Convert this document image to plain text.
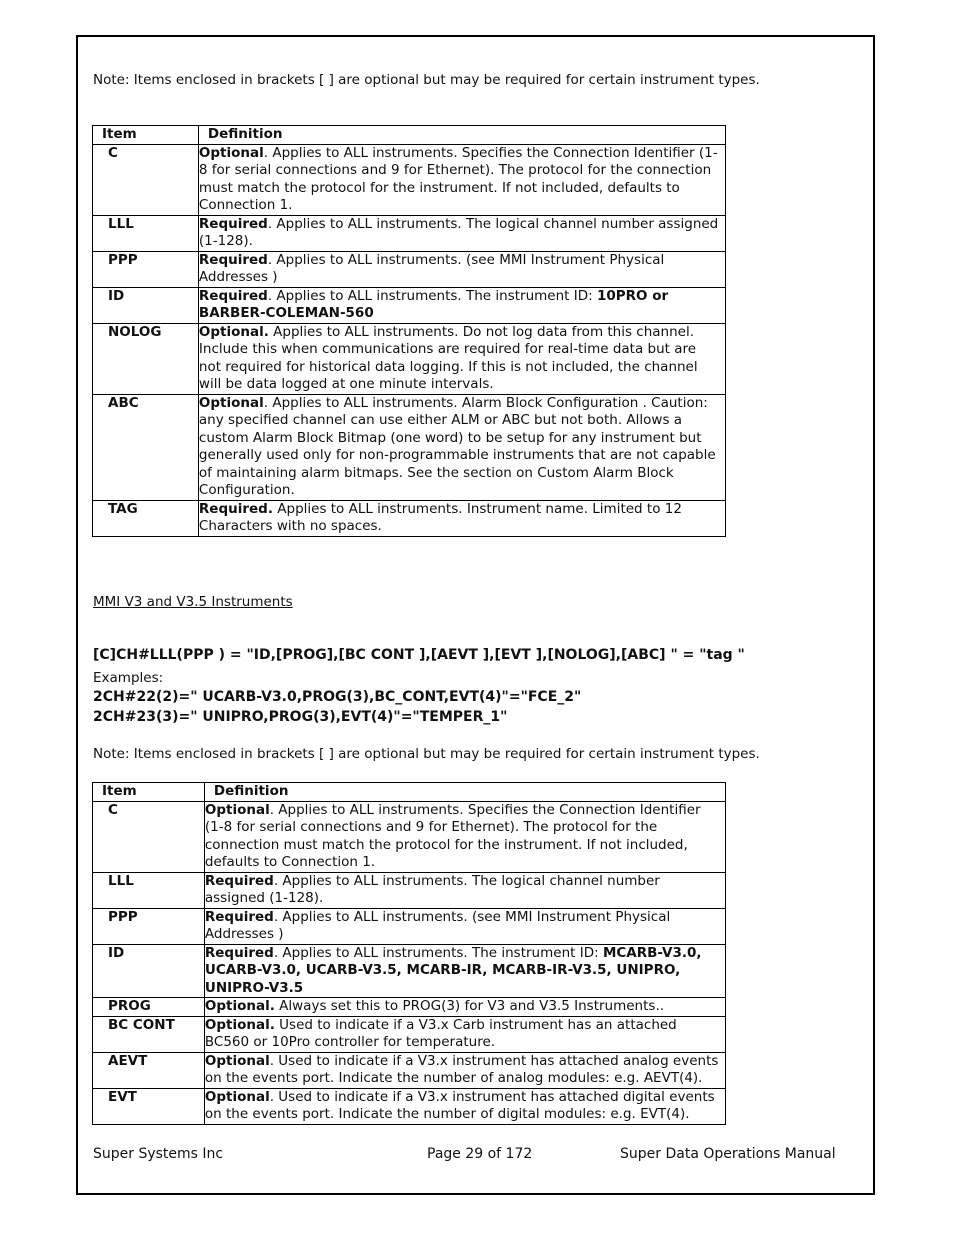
Note: Items enclosed in brackets [ ] are optional but may be required for certain instrument types.
Item	Definition
C	Optional. Applies to ALL instruments. Specifies the Connection Identifier (1-8 for serial connections and 9 for Ethernet). The protocol for the connection must match the protocol for the instrument. If not included, defaults to Connection 1.
LLL	Required. Applies to ALL instruments. The logical channel number assigned (1-128).
PPP	Required. Applies to ALL instruments. (see MMI Instrument Physical Addresses )
ID	Required. Applies to ALL instruments. The instrument ID: 10PRO or BARBER-COLEMAN-560
NOLOG	Optional. Applies to ALL instruments. Do not log data from this channel. Include this when communications are required for real-time data but are not required for historical data logging. If this is not included, the channel will be data logged at one minute intervals.
ABC	Optional. Applies to ALL instruments. Alarm Block Configuration . Caution: any specified channel can use either ALM or ABC but not both. Allows a custom Alarm Block Bitmap (one word) to be setup for any instrument but generally used only for non-programmable instruments that are not capable of maintaining alarm bitmaps. See the section on Custom Alarm Block Configuration.
TAG	Required. Applies to ALL instruments. Instrument name. Limited to 12 Characters with no spaces.
MMI V3 and V3.5 Instruments
[C]CH#LLL(PPP ) = "ID,[PROG],[BC CONT ],[AEVT ],[EVT ],[NOLOG],[ABC] " = "tag "
Examples:
2CH#22(2)=" UCARB-V3.0,PROG(3),BC_CONT,EVT(4)"="FCE_2"
2CH#23(3)=" UNIPRO,PROG(3),EVT(4)"="TEMPER_1"
Note: Items enclosed in brackets [ ] are optional but may be required for certain instrument types.
Item	Definition
C	Optional. Applies to ALL instruments. Specifies the Connection Identifier (1-8 for serial connections and 9 for Ethernet). The protocol for the connection must match the protocol for the instrument. If not included, defaults to Connection 1.
LLL	Required. Applies to ALL instruments. The logical channel number assigned (1-128).
PPP	Required. Applies to ALL instruments. (see MMI Instrument Physical Addresses )
ID	Required. Applies to ALL instruments. The instrument ID: MCARB-V3.0, UCARB-V3.0, UCARB-V3.5, MCARB-IR, MCARB-IR-V3.5, UNIPRO, UNIPRO-V3.5
PROG	Optional. Always set this to PROG(3) for V3 and V3.5 Instruments..
BC CONT	Optional. Used to indicate if a V3.x Carb instrument has an attached BC560 or 10Pro controller for temperature.
AEVT	Optional. Used to indicate if a V3.x instrument has attached analog events on the events port. Indicate the number of analog modules: e.g. AEVT(4).
EVT	Optional. Used to indicate if a V3.x instrument has attached digital events on the events port. Indicate the number of digital modules: e.g. EVT(4).
Super Systems Inc	Page 29 of 172	Super Data Operations Manual
